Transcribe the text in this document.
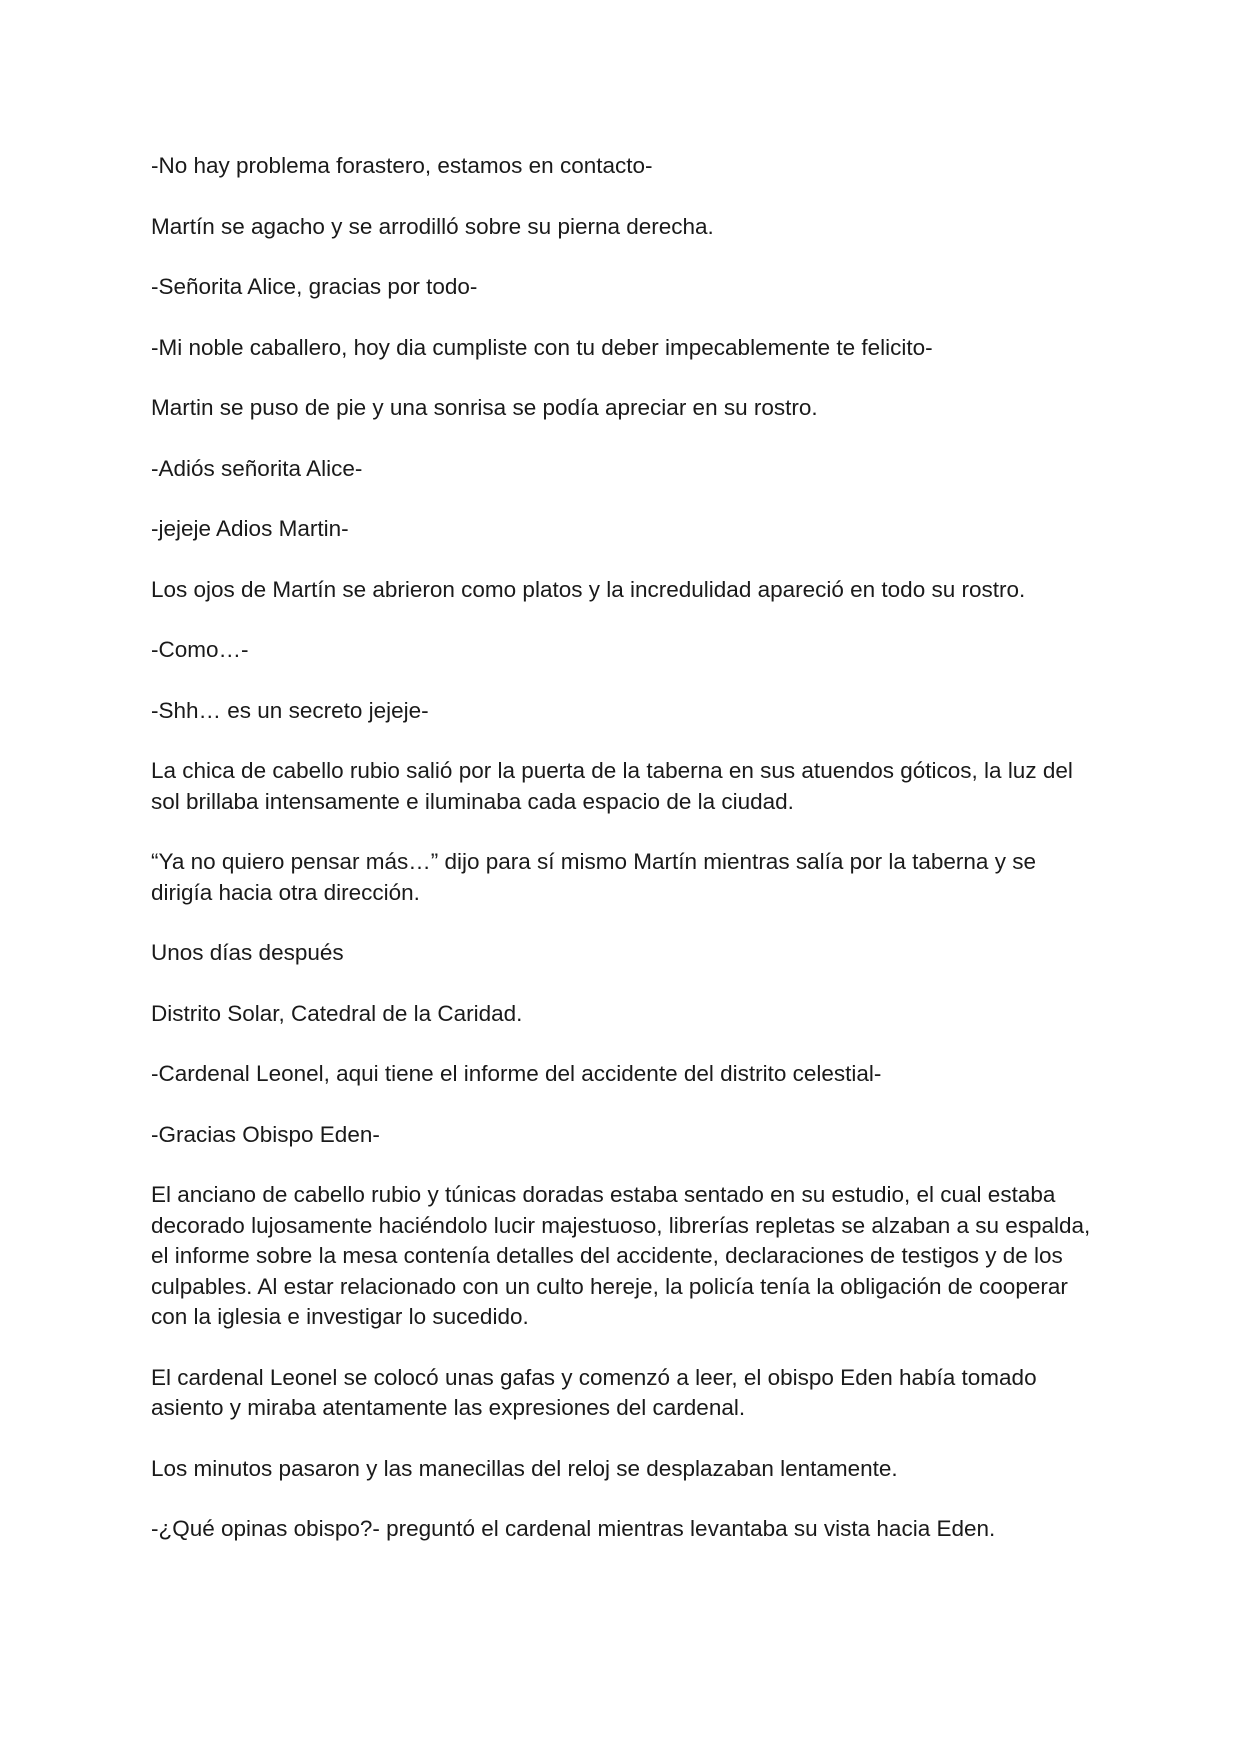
-No hay problema forastero, estamos en contacto-

Martín se agacho y se arrodilló sobre su pierna derecha.

-Señorita Alice, gracias por todo-

-Mi noble caballero, hoy dia cumpliste con tu deber impecablemente te felicito-

Martin se puso de pie y una sonrisa se podía apreciar en su rostro.

-Adiós señorita Alice-

-jejeje Adios Martin-

Los ojos de Martín se abrieron como platos y la incredulidad apareció en todo su rostro.

-Como…-

-Shh… es un secreto jejeje-

La chica de cabello rubio salió por la puerta de la taberna en sus atuendos góticos, la luz del sol brillaba intensamente e iluminaba cada espacio de la ciudad.

“Ya no quiero pensar más…” dijo para sí mismo Martín mientras salía por la taberna y se dirigía hacia otra dirección.

Unos días después

Distrito Solar, Catedral de la Caridad.

-Cardenal Leonel, aqui tiene el informe del accidente del distrito celestial-

-Gracias Obispo Eden-

El anciano de cabello rubio y túnicas doradas estaba sentado en su estudio, el cual estaba decorado lujosamente haciéndolo lucir majestuoso, librerías repletas se alzaban a su espalda, el informe sobre la mesa contenía detalles del accidente, declaraciones de testigos y de los culpables. Al estar relacionado con un culto hereje, la policía tenía la obligación de cooperar con la iglesia e investigar lo sucedido.

El cardenal Leonel se colocó unas gafas y comenzó a leer, el obispo Eden había tomado asiento y miraba atentamente las expresiones del cardenal.

Los minutos pasaron y las manecillas del reloj se desplazaban lentamente.

-¿Qué opinas obispo?- preguntó el cardenal mientras levantaba su vista hacia Eden.
